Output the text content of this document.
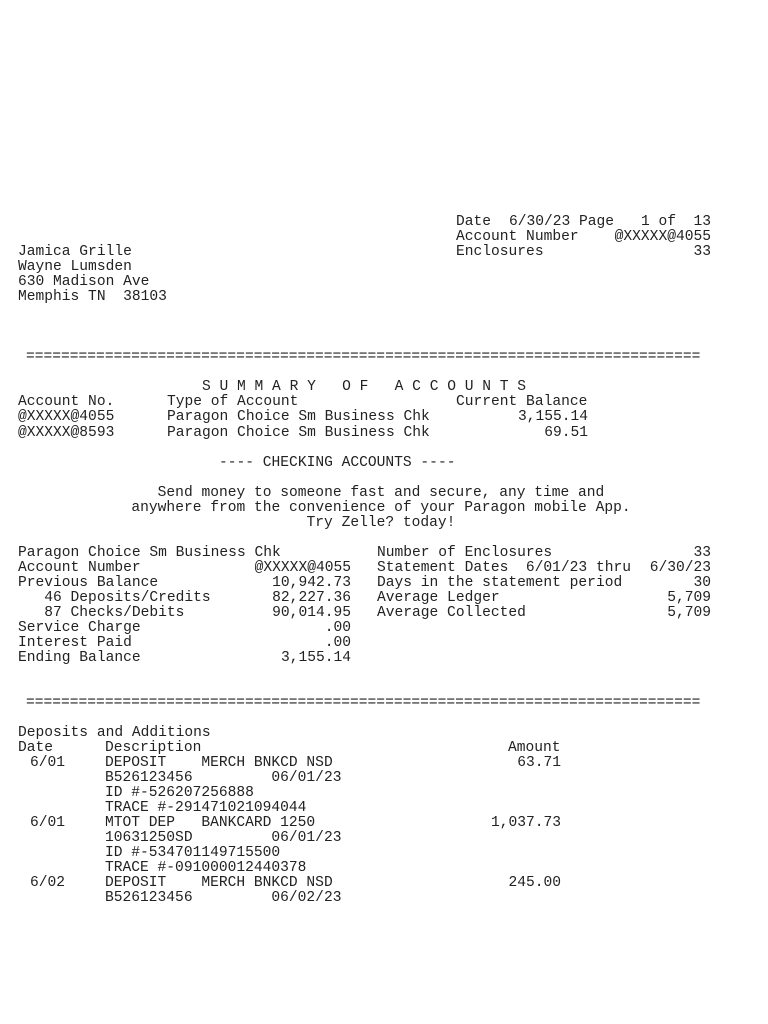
Date 6/30/23 Page	1 of  13
Account Number	@XXXXX@4055
Enclosures	33
Jamica Grille
Wayne Lumsden
630 Madison Ave
Memphis TN  38103
=============================================================================
S U M M A R Y   O F   A C C O U N T S
Account No.	Type of Account	Current Balance
@XXXXX@4055	Paragon Choice Sm Business Chk	3,155.14
@XXXXX@8593	Paragon Choice Sm Business Chk	69.51
---- CHECKING ACCOUNTS ----
Send money to someone fast and secure, any time and
anywhere from the convenience of your Paragon mobile App.
Try Zelle? today!
Paragon Choice Sm Business Chk
Account Number	@XXXXX@4055
Previous Balance	10,942.73
46 Deposits/Credits	82,227.36
87 Checks/Debits	90,014.95
Service Charge	.00
Interest Paid	.00
Ending Balance	3,155.14
Number of Enclosures	33
Statement Dates  6/01/23 thru	6/30/23
Days in the statement period	30
Average Ledger	5,709
Average Collected	5,709
=============================================================================
Deposits and Additions
Date	Description	Amount
6/01	DEPOSIT    MERCH BNKCD NSD	63.71
B526123456         06/01/23
ID #-526207256888
TRACE #-291471021094044
6/01	MTOT DEP   BANKCARD 1250	1,037.73
10631250SD         06/01/23
ID #-534701149715500
TRACE #-091000012440378
6/02	DEPOSIT    MERCH BNKCD NSD	245.00
B526123456         06/02/23
